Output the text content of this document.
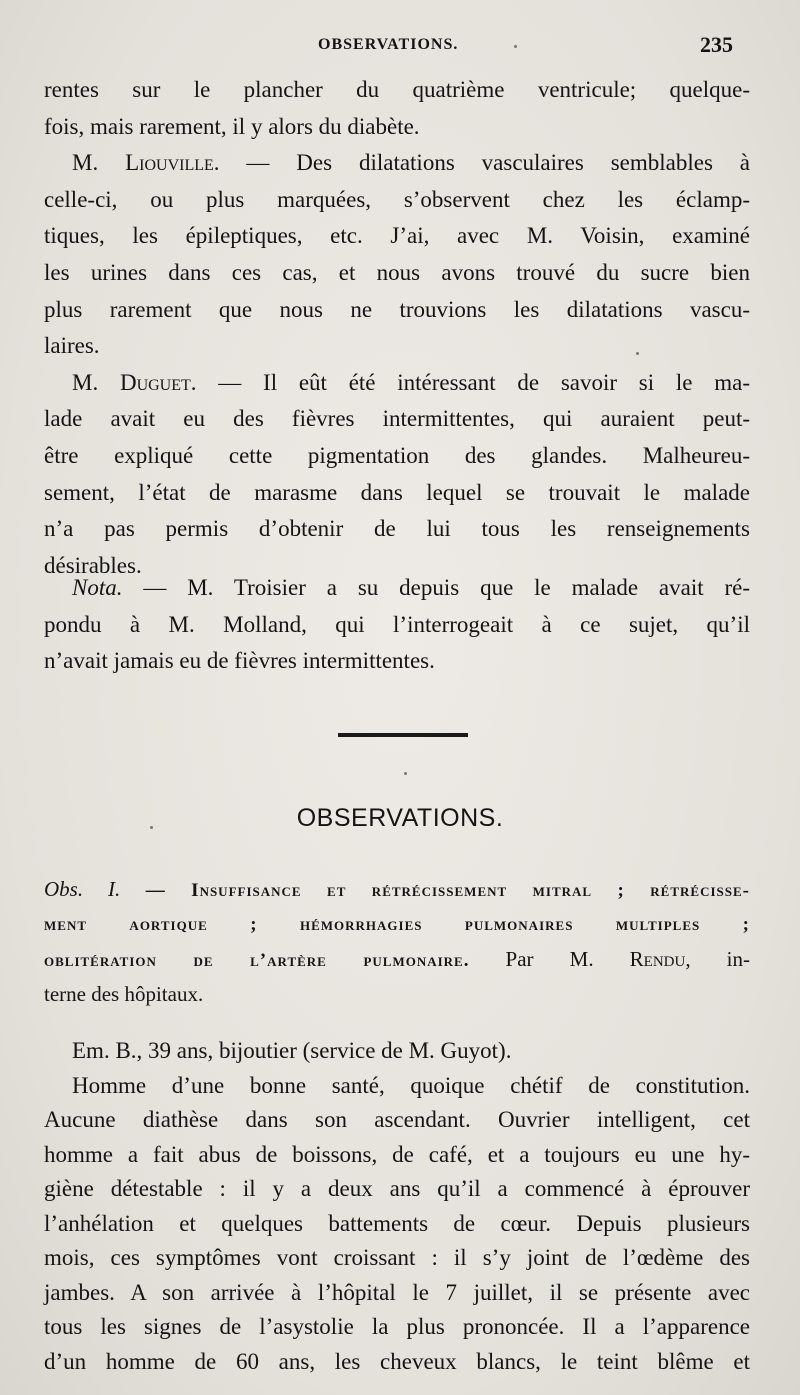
OBSERVATIONS.	235
rentes sur le plancher du quatrième ventricule; quelque-
fois, mais rarement, il y alors du diabète.
M. Liouville. — Des dilatations vasculaires semblables à
celle-ci, ou plus marquées, s’observent chez les éclamp-
tiques, les épileptiques, etc. J’ai, avec M. Voisin, examiné
les urines dans ces cas, et nous avons trouvé du sucre bien
plus rarement que nous ne trouvions les dilatations vascu-
laires.
M. Duguet. — Il eût été intéressant de savoir si le ma-
lade avait eu des fièvres intermittentes, qui auraient peut-
être expliqué cette pigmentation des glandes. Malheureu-
sement, l’état de marasme dans lequel se trouvait le malade
n’a pas permis d’obtenir de lui tous les renseignements
désirables.
Nota. — M. Troisier a su depuis que le malade avait ré-
pondu à M. Molland, qui l’interrogeait à ce sujet, qu’il
n’avait jamais eu de fièvres intermittentes.
OBSERVATIONS.
Obs. I. — Insuffisance et rétrécissement mitral ; rétrécisse-
ment aortique ; hémorrhagies pulmonaires multiples ;
oblitération de l’artère pulmonaire. Par M. Rendu, in-
terne des hôpitaux.
Em. B., 39 ans, bijoutier (service de M. Guyot).
Homme d’une bonne santé, quoique chétif de constitution.
Aucune diathèse dans son ascendant. Ouvrier intelligent, cet
homme a fait abus de boissons, de café, et a toujours eu une hy-
giène détestable : il y a deux ans qu’il a commencé à éprouver
l’anhélation et quelques battements de cœur. Depuis plusieurs
mois, ces symptômes vont croissant : il s’y joint de l’œdème des
jambes. A son arrivée à l’hôpital le 7 juillet, il se présente avec
tous les signes de l’asystolie la plus prononcée. Il a l’apparence
d’un homme de 60 ans, les cheveux blancs, le teint blême et
